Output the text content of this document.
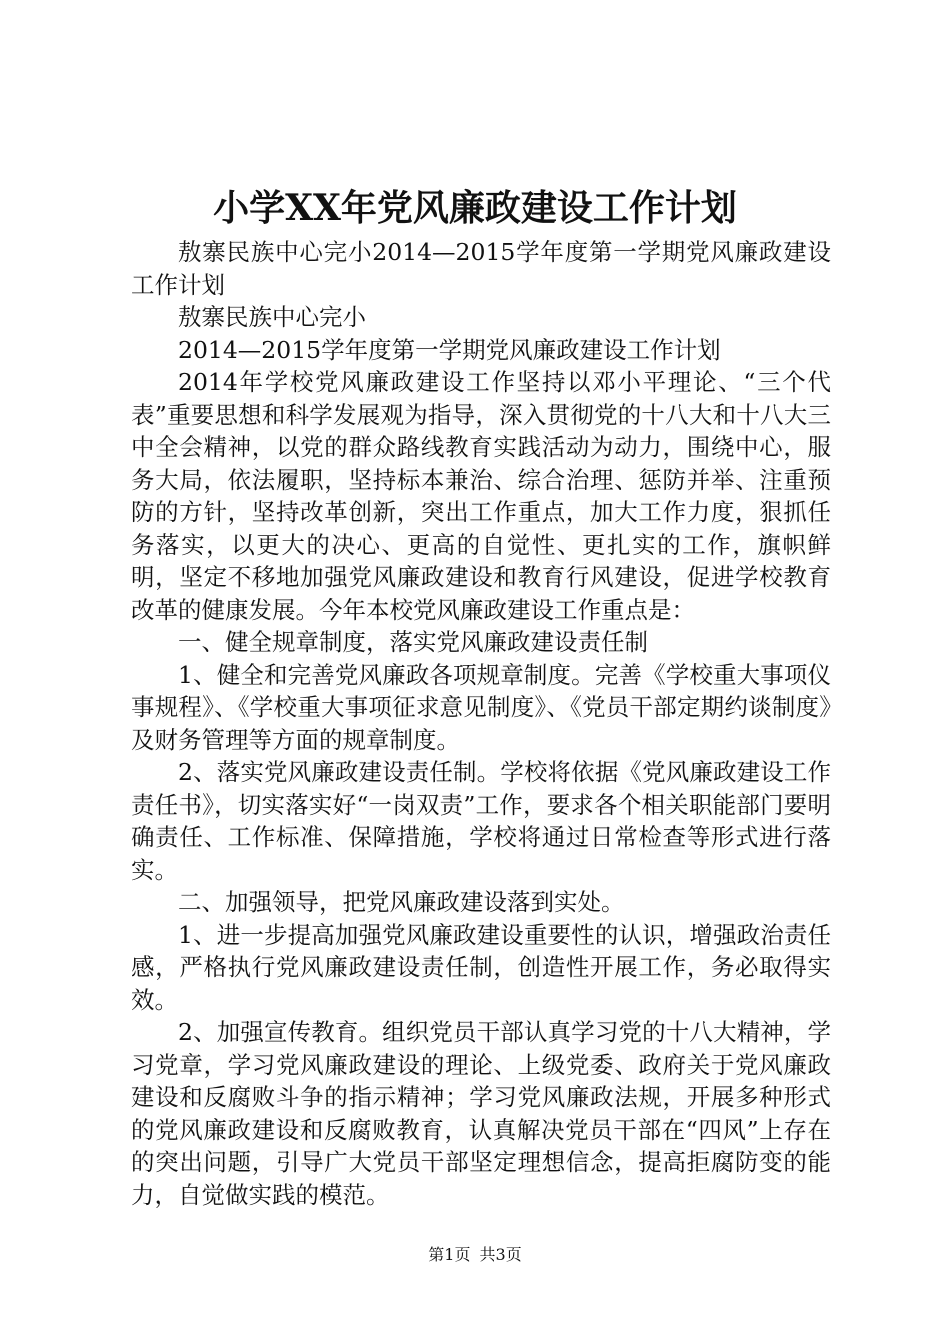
小学XX年党风廉政建设工作计划

敖寨民族中心完小2014—2015学年度第一学期党风廉政建设工作计划

敖寨民族中心完小

2014—2015学年度第一学期党风廉政建设工作计划

2014年学校党风廉政建设工作坚持以邓小平理论、“三个代表”重要思想和科学发展观为指导，深入贯彻党的十八大和十八大三中全会精神，以党的群众路线教育实践活动为动力，围绕中心，服务大局，依法履职，坚持标本兼治、综合治理、惩防并举、注重预防的方针，坚持改革创新，突出工作重点，加大工作力度，狠抓任务落实，以更大的决心、更高的自觉性、更扎实的工作，旗帜鲜明，坚定不移地加强党风廉政建设和教育行风建设，促进学校教育改革的健康发展。今年本校党风廉政建设工作重点是：

一、健全规章制度，落实党风廉政建设责任制

1、健全和完善党风廉政各项规章制度。完善《学校重大事项仪事规程》、《学校重大事项征求意见制度》、《党员干部定期约谈制度》及财务管理等方面的规章制度。

2、落实党风廉政建设责任制。学校将依据《党风廉政建设工作责任书》，切实落实好“一岗双责”工作，要求各个相关职能部门要明确责任、工作标准、保障措施，学校将通过日常检查等形式进行落实。

二、加强领导，把党风廉政建设落到实处。

1、进一步提高加强党风廉政建设重要性的认识，增强政治责任感，严格执行党风廉政建设责任制，创造性开展工作，务必取得实效。

2、加强宣传教育。组织党员干部认真学习党的十八大精神，学习党章，学习党风廉政建设的理论、上级党委、政府关于党风廉政建设和反腐败斗争的指示精神；学习党风廉政法规，开展多种形式的党风廉政建设和反腐败教育，认真解决党员干部在“四风”上存在的突出问题，引导广大党员干部坚定理想信念，提高拒腐防变的能力，自觉做实践的模范。

第1页 共3页
